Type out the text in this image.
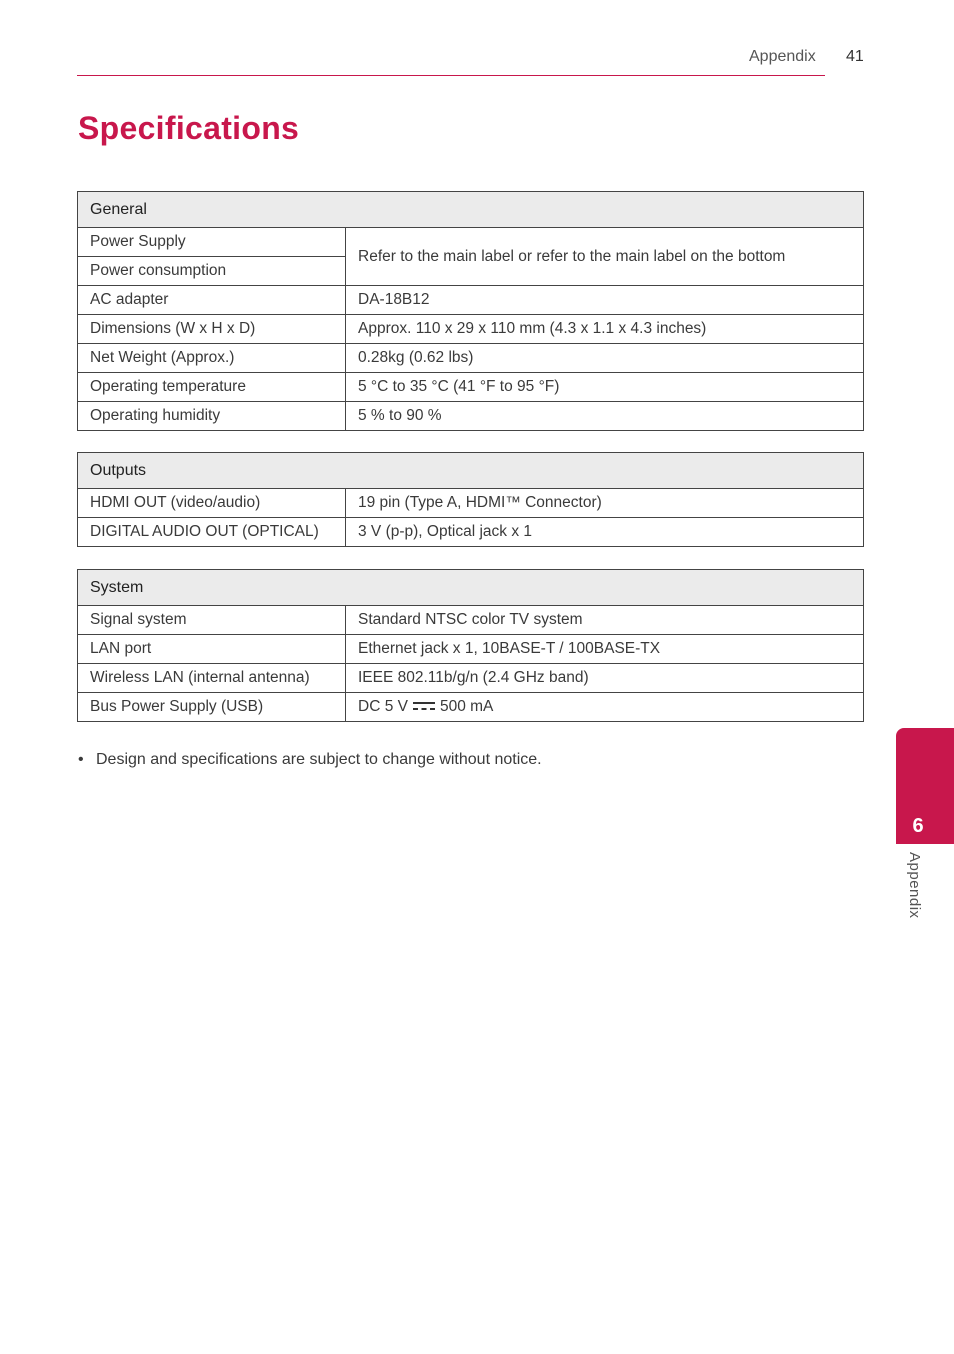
Appendix 41
Specifications
General	
Power Supply	Refer to the main label or refer to the main label on the bottom
Power consumption	
AC adapter	DA-18B12
Dimensions (W x H x D)	Approx. 110 x 29 x 110 mm (4.3 x 1.1 x 4.3 inches)
Net Weight (Approx.)	0.28kg (0.62 lbs)
Operating temperature	5 °C to 35 °C (41 °F to 95 °F)
Operating humidity	5 % to 90 %
Outputs	
HDMI OUT (video/audio)	19 pin (Type A, HDMI™ Connector)
DIGITAL AUDIO OUT (OPTICAL)	3 V (p-p), Optical jack x 1
System	
Signal system	Standard NTSC color TV system
LAN port	Ethernet jack x 1, 10BASE-T / 100BASE-TX
Wireless LAN (internal antenna)	IEEE 802.11b/g/n (2.4 GHz band)
Bus Power Supply (USB)	DC 5 V 500 mA
• Design and specifications are subject to change without notice.
6
Appendix
